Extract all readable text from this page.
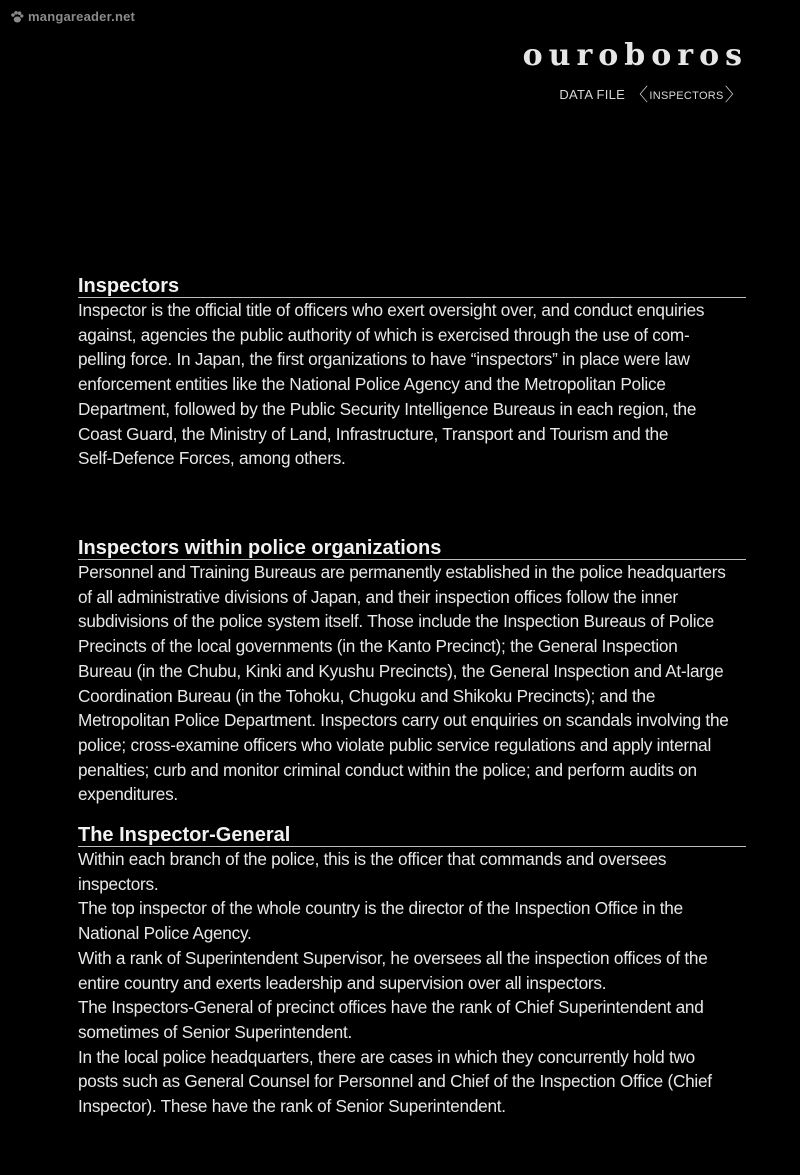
mangareader.net
ouroboros
DATA FILE 〈INSPECTORS〉
Inspectors
Inspector is the official title of officers who exert oversight over, and conduct enquiries
against, agencies the public authority of which is exercised through the use of com-
pelling force. In Japan, the first organizations to have “inspectors” in place were law
enforcement entities like the National Police Agency and the Metropolitan Police
Department, followed by the Public Security Intelligence Bureaus in each region, the
Coast Guard, the Ministry of Land, Infrastructure, Transport and Tourism and the
Self-Defence Forces, among others.
Inspectors within police organizations
Personnel and Training Bureaus are permanently established in the police headquarters
of all administrative divisions of Japan, and their inspection offices follow the inner
subdivisions of the police system itself. Those include the Inspection Bureaus of Police
Precincts of the local governments (in the Kanto Precinct); the General Inspection
Bureau (in the Chubu, Kinki and Kyushu Precincts), the General Inspection and At-large
Coordination Bureau (in the Tohoku, Chugoku and Shikoku Precincts); and the
Metropolitan Police Department. Inspectors carry out enquiries on scandals involving the
police; cross-examine officers who violate public service regulations and apply internal
penalties; curb and monitor criminal conduct within the police; and perform audits on
expenditures.
The Inspector-General
Within each branch of the police, this is the officer that commands and oversees
inspectors.
The top inspector of the whole country is the director of the Inspection Office in the
National Police Agency.
With a rank of Superintendent Supervisor, he oversees all the inspection offices of the
entire country and exerts leadership and supervision over all inspectors.
The Inspectors-General of precinct offices have the rank of Chief Superintendent and
sometimes of Senior Superintendent.
In the local police headquarters, there are cases in which they concurrently hold two
posts such as General Counsel for Personnel and Chief of the Inspection Office (Chief
Inspector). These have the rank of Senior Superintendent.
